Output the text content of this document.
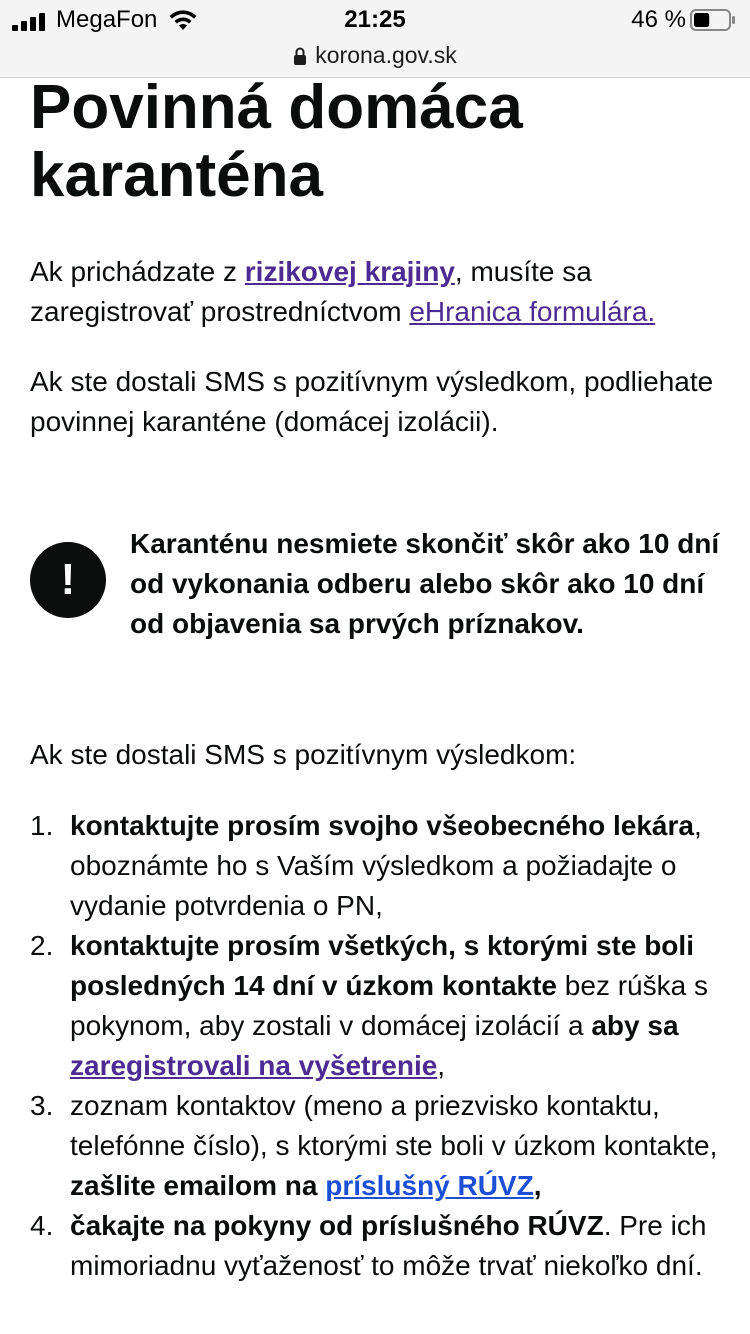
MegaFon	21:25	46 %
korona.gov.sk
Povinná domáca karanténa

Ak prichádzate z rizikovej krajiny, musíte sa zaregistrovať prostredníctvom eHranica formulára.

Ak ste dostali SMS s pozitívnym výsledkom, podliehate povinnej karanténe (domácej izolácii).

!

Karanténu nesmiete skončiť skôr ako 10 dní od vykonania odberu alebo skôr ako 10 dní od objavenia sa prvých príznakov.

Ak ste dostali SMS s pozitívnym výsledkom:

1. kontaktujte prosím svojho všeobecného lekára, oboznámte ho s Vaším výsledkom a požiadajte o vydanie potvrdenia o PN,
2. kontaktujte prosím všetkých, s ktorými ste boli posledných 14 dní v úzkom kontakte bez rúška s pokynom, aby zostali v domácej izolácií a aby sa zaregistrovali na vyšetrenie,
3. zoznam kontaktov (meno a priezvisko kontaktu, telefónne číslo), s ktorými ste boli v úzkom kontakte, zašlite emailom na príslušný RÚVZ,
4. čakajte na pokyny od príslušného RÚVZ. Pre ich mimoriadnu vyťaženosť to môže trvať niekoľko dní.
